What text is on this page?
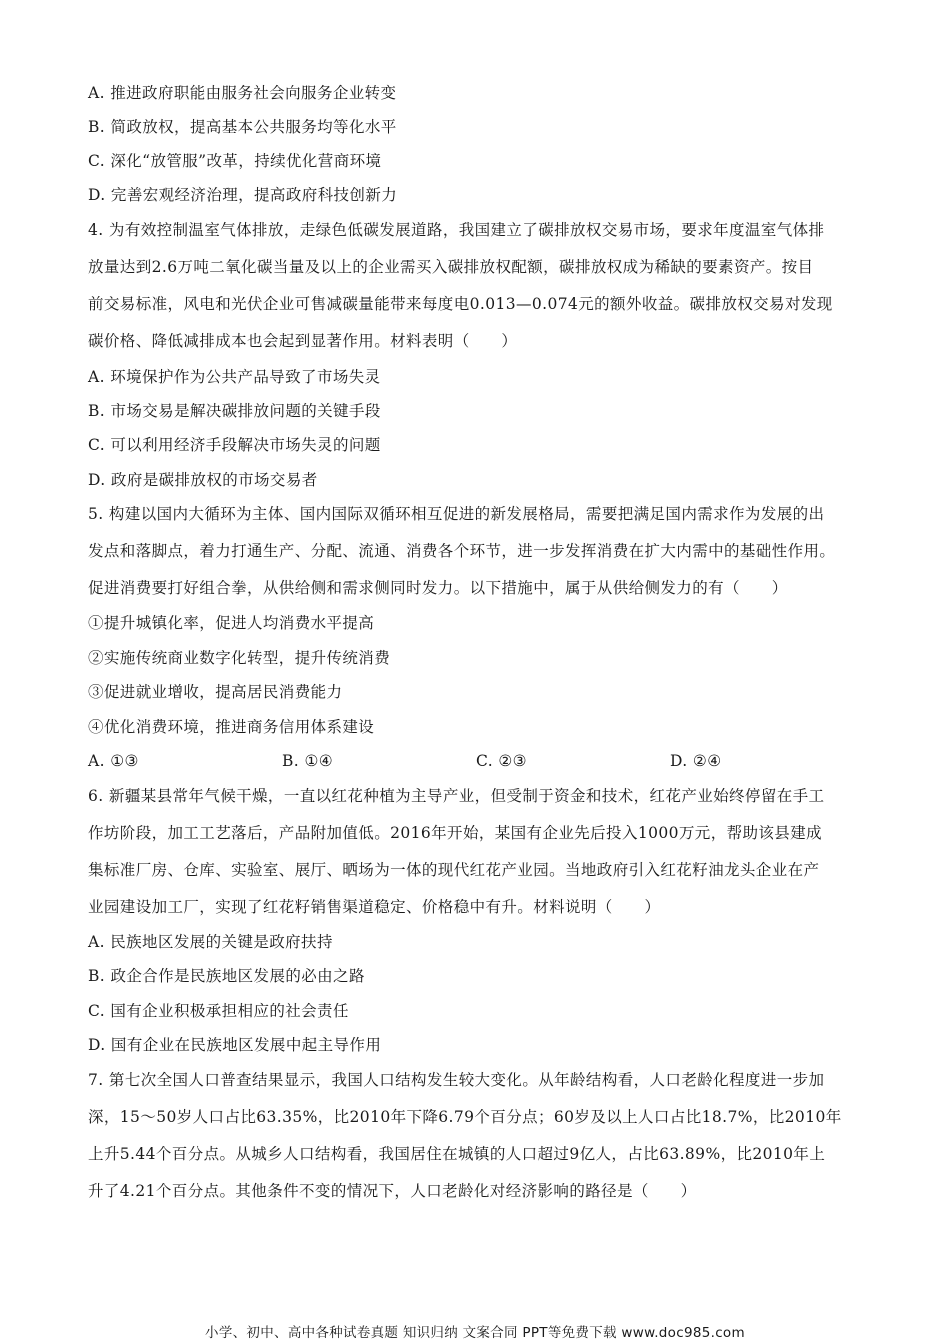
A. 推进政府职能由服务社会向服务企业转变
B. 简政放权，提高基本公共服务均等化水平
C. 深化“放管服”改革，持续优化营商环境
D. 完善宏观经济治理，提高政府科技创新力
4. 为有效控制温室气体排放，走绿色低碳发展道路，我国建立了碳排放权交易市场，要求年度温室气体排
放量达到2.6万吨二氧化碳当量及以上的企业需买入碳排放权配额，碳排放权成为稀缺的要素资产。按目
前交易标准，风电和光伏企业可售减碳量能带来每度电0.013—0.074元的额外收益。碳排放权交易对发现
碳价格、降低减排成本也会起到显著作用。材料表明（　　）
A. 环境保护作为公共产品导致了市场失灵
B. 市场交易是解决碳排放问题的关键手段
C. 可以利用经济手段解决市场失灵的问题
D. 政府是碳排放权的市场交易者
5. 构建以国内大循环为主体、国内国际双循环相互促进的新发展格局，需要把满足国内需求作为发展的出
发点和落脚点，着力打通生产、分配、流通、消费各个环节，进一步发挥消费在扩大内需中的基础性作用。
促进消费要打好组合拳，从供给侧和需求侧同时发力。以下措施中，属于从供给侧发力的有（　　）
①提升城镇化率，促进人均消费水平提高
②实施传统商业数字化转型，提升传统消费
③促进就业增收，提高居民消费能力
④优化消费环境，推进商务信用体系建设
A. ①③	B. ①④	C. ②③	D. ②④
6. 新疆某县常年气候干燥，一直以红花种植为主导产业，但受制于资金和技术，红花产业始终停留在手工
作坊阶段，加工工艺落后，产品附加值低。2016年开始，某国有企业先后投入1000万元，帮助该县建成
集标准厂房、仓库、实验室、展厅、晒场为一体的现代红花产业园。当地政府引入红花籽油龙头企业在产
业园建设加工厂，实现了红花籽销售渠道稳定、价格稳中有升。材料说明（　　）
A. 民族地区发展的关键是政府扶持
B. 政企合作是民族地区发展的必由之路
C. 国有企业积极承担相应的社会责任
D. 国有企业在民族地区发展中起主导作用
7. 第七次全国人口普查结果显示，我国人口结构发生较大变化。从年龄结构看，人口老龄化程度进一步加
深，15～50岁人口占比63.35%，比2010年下降6.79个百分点；60岁及以上人口占比18.7%，比2010年
上升5.44个百分点。从城乡人口结构看，我国居住在城镇的人口超过9亿人，占比63.89%，比2010年上
升了4.21个百分点。其他条件不变的情况下，人口老龄化对经济影响的路径是（　　）
小学、初中、高中各种试卷真题 知识归纳 文案合同 PPT等免费下载 www.doc985.com
